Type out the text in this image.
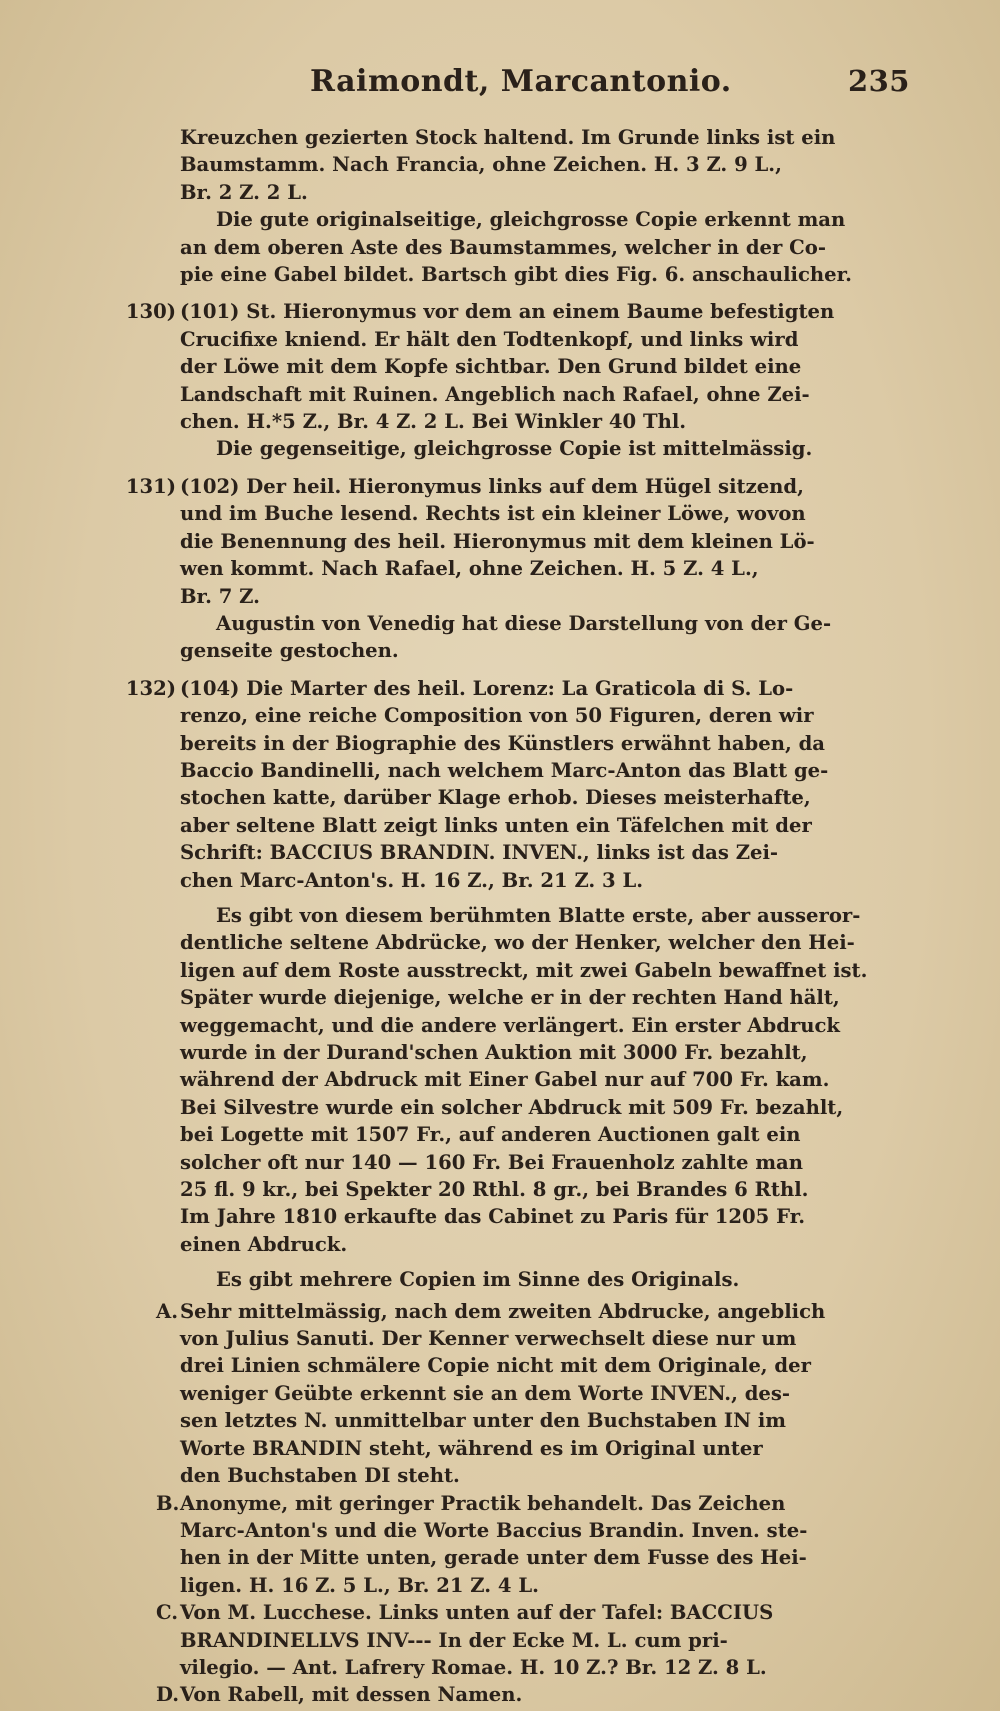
Raimondt, Marcantonio.	235

Kreuzchen gezierten Stock haltend. Im Grunde links ist ein

Baumstamm. Nach Francia, ohne Zeichen. H. 3 Z. 9 L.,

Br. 2 Z. 2 L.

Die gute originalseitige, gleichgrosse Copie erkennt man

an dem oberen Aste des Baumstammes, welcher in der Co-

pie eine Gabel bildet. Bartsch gibt dies Fig. 6. anschaulicher.

130) (101) St. Hieronymus vor dem an einem Baume befestigten

Crucifixe kniend. Er hält den Todtenkopf, und links wird

der Löwe mit dem Kopfe sichtbar. Den Grund bildet eine

Landschaft mit Ruinen. Angeblich nach Rafael, ohne Zei-

chen. H.*5 Z., Br. 4 Z. 2 L. Bei Winkler 40 Thl.

Die gegenseitige, gleichgrosse Copie ist mittelmässig.

131) (102) Der heil. Hieronymus links auf dem Hügel sitzend,

und im Buche lesend. Rechts ist ein kleiner Löwe, wovon

die Benennung des heil. Hieronymus mit dem kleinen Lö-

wen kommt. Nach Rafael, ohne Zeichen. H. 5 Z. 4 L.,

Br. 7 Z.

Augustin von Venedig hat diese Darstellung von der Ge-

genseite gestochen.

132) (104) Die Marter des heil. Lorenz: La Graticola di S. Lo-

renzo, eine reiche Composition von 50 Figuren, deren wir

bereits in der Biographie des Künstlers erwähnt haben, da

Baccio Bandinelli, nach welchem Marc-Anton das Blatt ge-

stochen katte, darüber Klage erhob. Dieses meisterhafte,

aber seltene Blatt zeigt links unten ein Täfelchen mit der

Schrift: BACCIUS BRANDIN. INVEN., links ist das Zei-

chen Marc-Anton's. H. 16 Z., Br. 21 Z. 3 L.

Es gibt von diesem berühmten Blatte erste, aber ausseror-

dentliche seltene Abdrücke, wo der Henker, welcher den Hei-

ligen auf dem Roste ausstreckt, mit zwei Gabeln bewaffnet ist.

Später wurde diejenige, welche er in der rechten Hand hält,

weggemacht, und die andere verlängert. Ein erster Abdruck

wurde in der Durand'schen Auktion mit 3000 Fr. bezahlt,

während der Abdruck mit Einer Gabel nur auf 700 Fr. kam.

Bei Silvestre wurde ein solcher Abdruck mit 509 Fr. bezahlt,

bei Logette mit 1507 Fr., auf anderen Auctionen galt ein

solcher oft nur 140 — 160 Fr. Bei Frauenholz zahlte man

25 fl. 9 kr., bei Spekter 20 Rthl. 8 gr., bei Brandes 6 Rthl.

Im Jahre 1810 erkaufte das Cabinet zu Paris für 1205 Fr.

einen Abdruck.

Es gibt mehrere Copien im Sinne des Originals.

A. Sehr mittelmässig, nach dem zweiten Abdrucke, angeblich

von Julius Sanuti. Der Kenner verwechselt diese nur um

drei Linien schmälere Copie nicht mit dem Originale, der

weniger Geübte erkennt sie an dem Worte INVEN., des-

sen letztes N. unmittelbar unter den Buchstaben IN im

Worte BRANDIN steht, während es im Original unter

den Buchstaben DI steht.

B. Anonyme, mit geringer Practik behandelt. Das Zeichen

Marc-Anton's und die Worte Baccius Brandin. Inven. ste-

hen in der Mitte unten, gerade unter dem Fusse des Hei-

ligen. H. 16 Z. 5 L., Br. 21 Z. 4 L.

C. Von M. Lucchese. Links unten auf der Tafel: BACCIUS

BRANDINELLVS INV--- In der Ecke M. L. cum pri-

vilegio. — Ant. Lafrery Romae. H. 10 Z.? Br. 12 Z. 8 L.

D. Von Rabell, mit dessen Namen.
